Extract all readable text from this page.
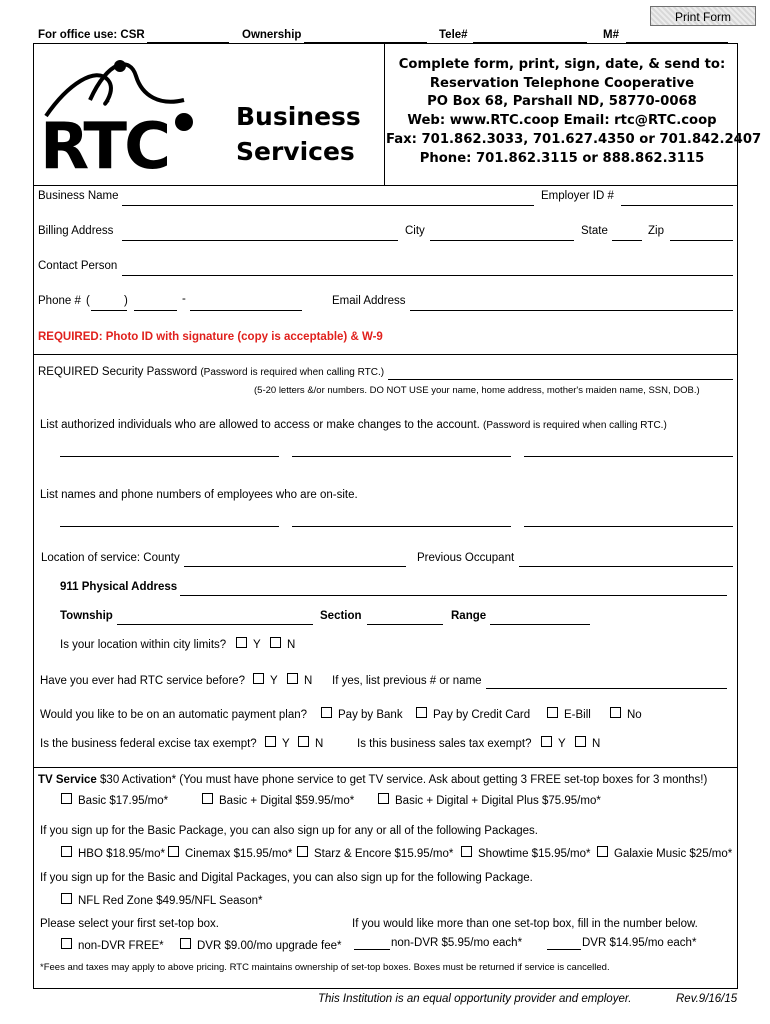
Print Form
For office use: CSR	Ownership	Tele#	M#
RTC	Business
Services
Complete form, print, sign, date, & send to:
Reservation Telephone Cooperative
PO Box 68, Parshall ND, 58770-0068
Web: www.RTC.coop Email: rtc@RTC.coop
Fax: 701.862.3033, 701.627.4350 or 701.842.2407
Phone: 701.862.3115 or 888.862.3115
Business Name	Employer ID #
Billing Address	City	State	Zip
Contact Person
Phone # (	)	-	Email Address
REQUIRED: Photo ID with signature (copy is acceptable) & W-9
REQUIRED Security Password (Password is required when calling RTC.)
(5-20 letters &/or numbers. DO NOT USE your name, home address, mother's maiden name, SSN, DOB.)
List authorized individuals who are allowed to access or make changes to the account. (Password is required when calling RTC.)
List names and phone numbers of employees who are on-site.
Location of service: County	Previous Occupant
911 Physical Address
Township	Section	Range
Is your location within city limits? Y N
Have you ever had RTC service before? Y N If yes, list previous # or name
Would you like to be on an automatic payment plan?	Pay by Bank	Pay by Credit Card	E-Bill	No
Is the business federal excise tax exempt? Y N	Is this business sales tax exempt? Y N
TV Service $30 Activation* (You must have phone service to get TV service. Ask about getting 3 FREE set-top boxes for 3 months!)
Basic $17.95/mo*	Basic + Digital $59.95/mo*	Basic + Digital + Digital Plus $75.95/mo*
If you sign up for the Basic Package, you can also sign up for any or all of the following Packages.
HBO $18.95/mo* Cinemax $15.95/mo* Starz & Encore $15.95/mo* Showtime $15.95/mo* Galaxie Music $25/mo*
If you sign up for the Basic and Digital Packages, you can also sign up for the following Package.
NFL Red Zone $49.95/NFL Season*
Please select your first set-top box.	If you would like more than one set-top box, fill in the number below.
non-DVR FREE*	DVR $9.00/mo upgrade fee*	non-DVR $5.95/mo each*	DVR $14.95/mo each*
*Fees and taxes may apply to above pricing. RTC maintains ownership of set-top boxes. Boxes must be returned if service is cancelled.
This Institution is an equal opportunity provider and employer.	Rev.9/16/15
